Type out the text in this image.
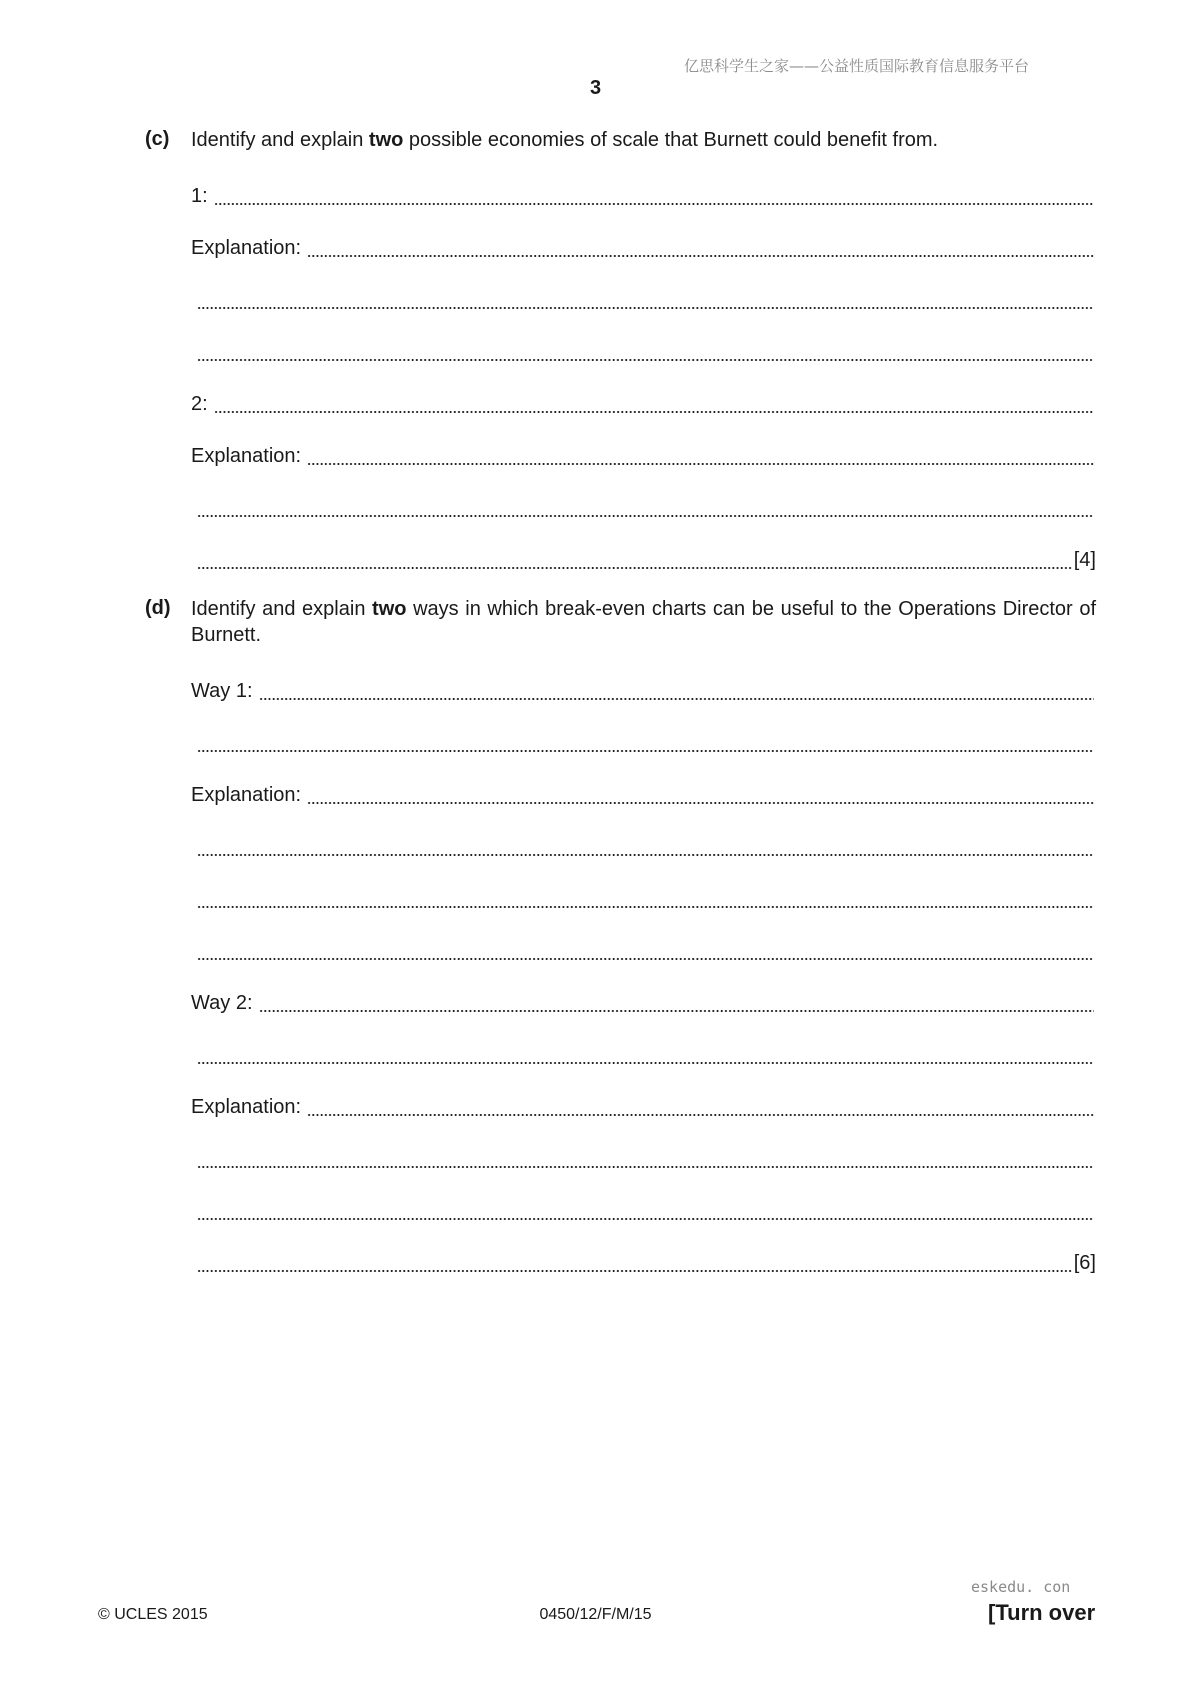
亿思科学生之家——公益性质国际教育信息服务平台
3
(c) Identify and explain two possible economies of scale that Burnett could benefit from.
1:
Explanation:
2:
Explanation:
[4]
(d) Identify and explain two ways in which break-even charts can be useful to the Operations Director of Burnett.
Way 1:
Explanation:
Way 2:
Explanation:
[6]
© UCLES 2015	0450/12/F/M/15
eskedu. con
[Turn over
